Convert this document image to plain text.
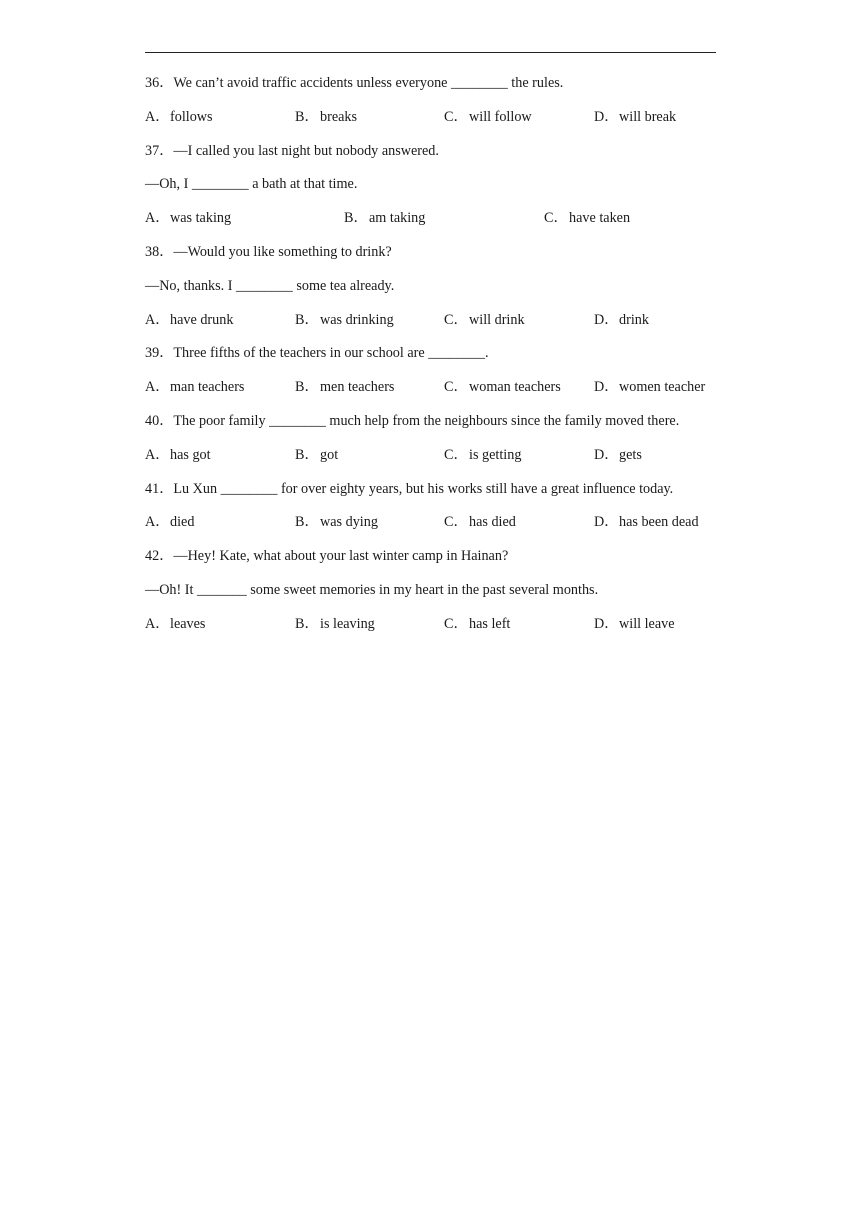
36．We can’t avoid traffic accidents unless everyone ________ the rules.
A．follows	B．breaks	C．will follow	D．will break
37．—I called you last night but nobody answered.
—Oh, I ________ a bath at that time.
A．was taking	B．am taking	C．have taken
38．—Would you like something to drink?
—No, thanks. I ________ some tea already.
A．have drunk	B．was drinking	C．will drink	D．drink
39．Three fifths of the teachers in our school are ________.
A．man teachers	B．men teachers	C．woman teachers D．women teacher
40．The poor family ________ much help from the neighbours since the family moved there.
A．has got	B．got	C．is getting	D．gets
41．Lu Xun ________ for over eighty years, but his works still have a great influence today.
A．died	B．was dying	C．has died	D．has been dead
42．—Hey! Kate, what about your last winter camp in Hainan?
—Oh! It _______ some sweet memories in my heart in the past several months.
A．leaves	B．is leaving	C．has left	D．will leave
